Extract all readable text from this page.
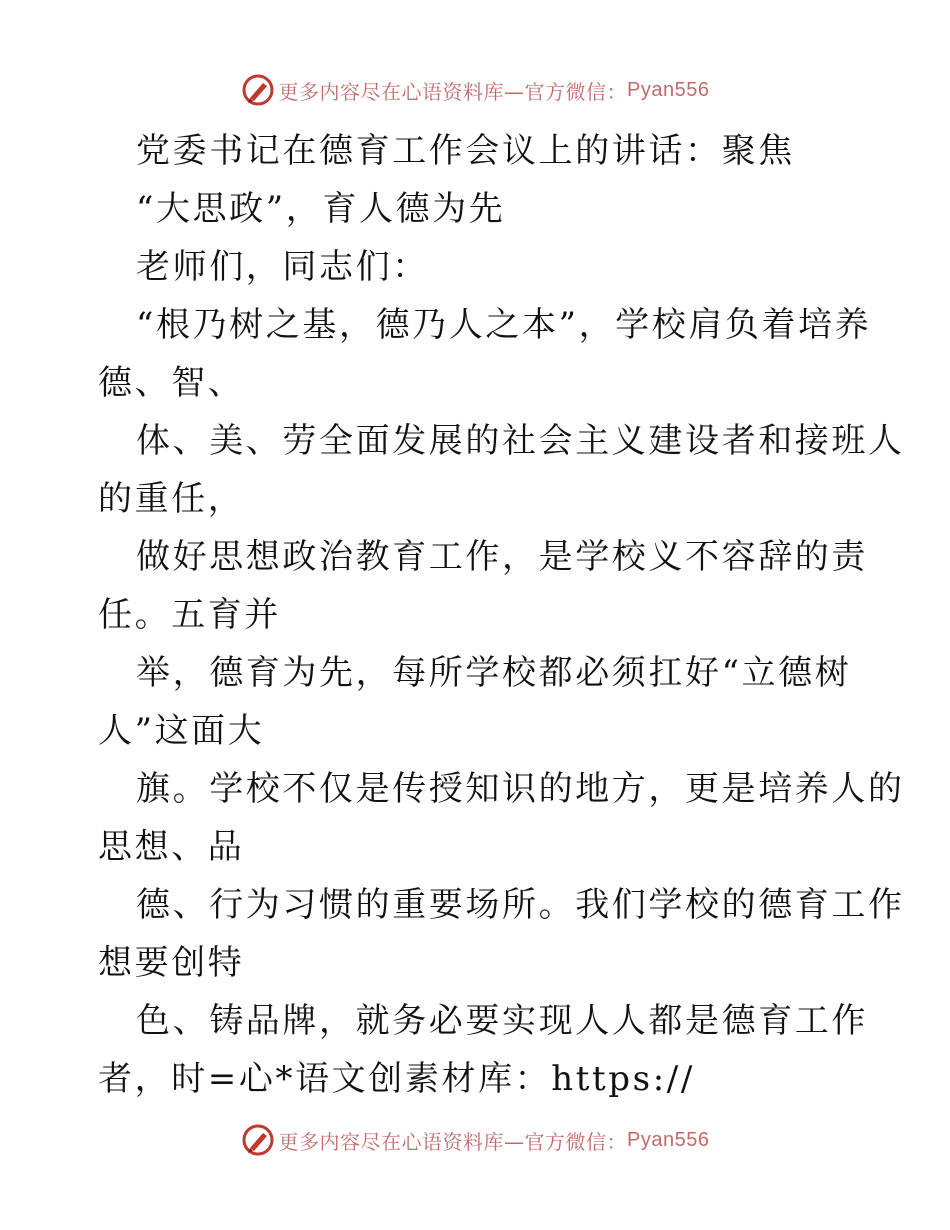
更多内容尽在心语资料库—官方微信： Pyan556
党委书记在德育工作会议上的讲话：聚焦
“大思政”，育人德为先
老师们，同志们：
“根乃树之基，德乃人之本”，学校肩负着培养
德、智、
体、美、劳全面发展的社会主义建设者和接班人
的重任，
做好思想政治教育工作，是学校义不容辞的责
任。五育并
举，德育为先，每所学校都必须扛好“立德树
人”这面大
旗。学校不仅是传授知识的地方，更是培养人的
思想、品
德、行为习惯的重要场所。我们学校的德育工作
想要创特
色、铸品牌，就务必要实现人人都是德育工作
者，时=心*语文创素材库：https://
更多内容尽在心语资料库—官方微信： Pyan556
